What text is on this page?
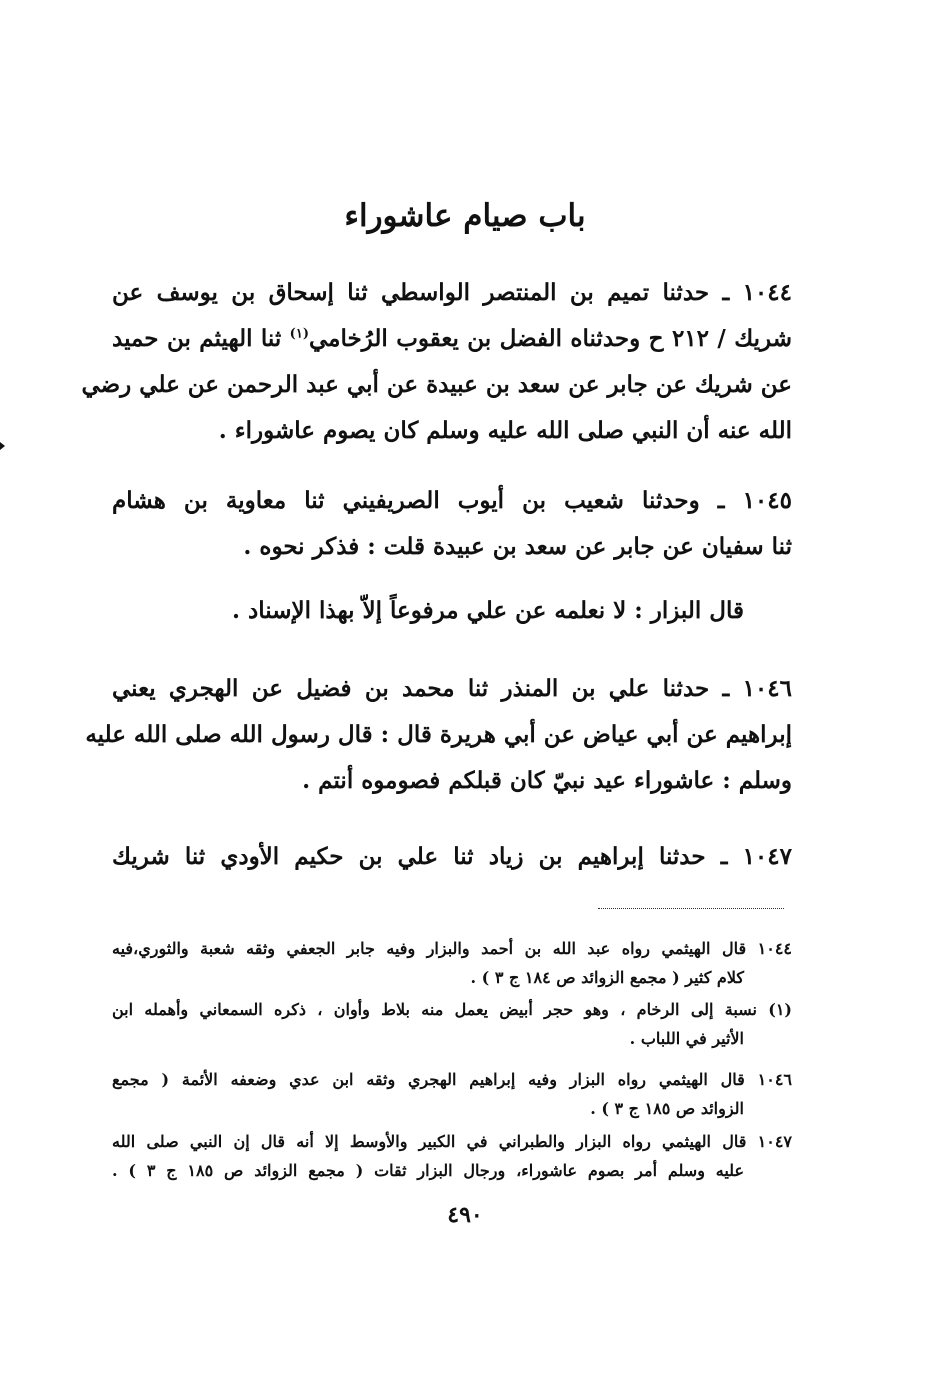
باب صيام عاشوراء
١٠٤٤ ـ حدثنا تميم بن المنتصر الواسطي ثنا إسحاق بن يوسف عن
شريك / ٢١٢ ح وحدثناه الفضل بن يعقوب الرُخامي$^{(١)}$ ثنا الهيثم بن حميد
عن شريك عن جابر عن سعد بن عبيدة عن أبي عبد الرحمن عن علي رضي
الله عنه أن النبي صلى الله عليه وسلم كان يصوم عاشوراء .
١٠٤٥ ـ وحدثنا شعيب بن أيوب الصريفيني ثنا معاوية بن هشام
ثنا سفيان عن جابر عن سعد بن عبيدة قلت : فذكر نحوه .
قال البزار : لا نعلمه عن علي مرفوعاً إلاّ بهذا الإسناد .
١٠٤٦ ـ حدثنا علي بن المنذر ثنا محمد بن فضيل عن الهجري يعني
إبراهيم عن أبي عياض عن أبي هريرة قال : قال رسول الله صلى الله عليه
وسلم : عاشوراء عيد نبيّ كان قبلكم فصوموه أنتم .
١٠٤٧ ـ حدثنا إبراهيم بن زياد ثنا علي بن حكيم الأودي ثنا شريك
١٠٤٤ قال الهيثمي رواه عبد الله بن أحمد والبزار وفيه جابر الجعفي وثقه شعبة والثوري،فيه
كلام كثير ( مجمع الزوائد ص ١٨٤ ج ٣ ) .
(١) نسبة إلى الرخام ، وهو حجر أبيض يعمل منه بلاط وأوان ، ذكره السمعاني وأهمله ابن
الأثير في اللباب .
١٠٤٦ قال الهيثمي رواه البزار وفيه إبراهيم الهجري وثقه ابن عدي وضعفه الأئمة ( مجمع
الزوائد ص ١٨٥ ج ٣ ) .
١٠٤٧ قال الهيثمي رواه البزار والطبراني في الكبير والأوسط إلا أنه قال إن النبي صلى الله
عليه وسلم أمر بصوم عاشوراء، ورجال البزار ثقات ( مجمع الزوائد ص ١٨٥ ج ٣ ) .
٤٩٠
